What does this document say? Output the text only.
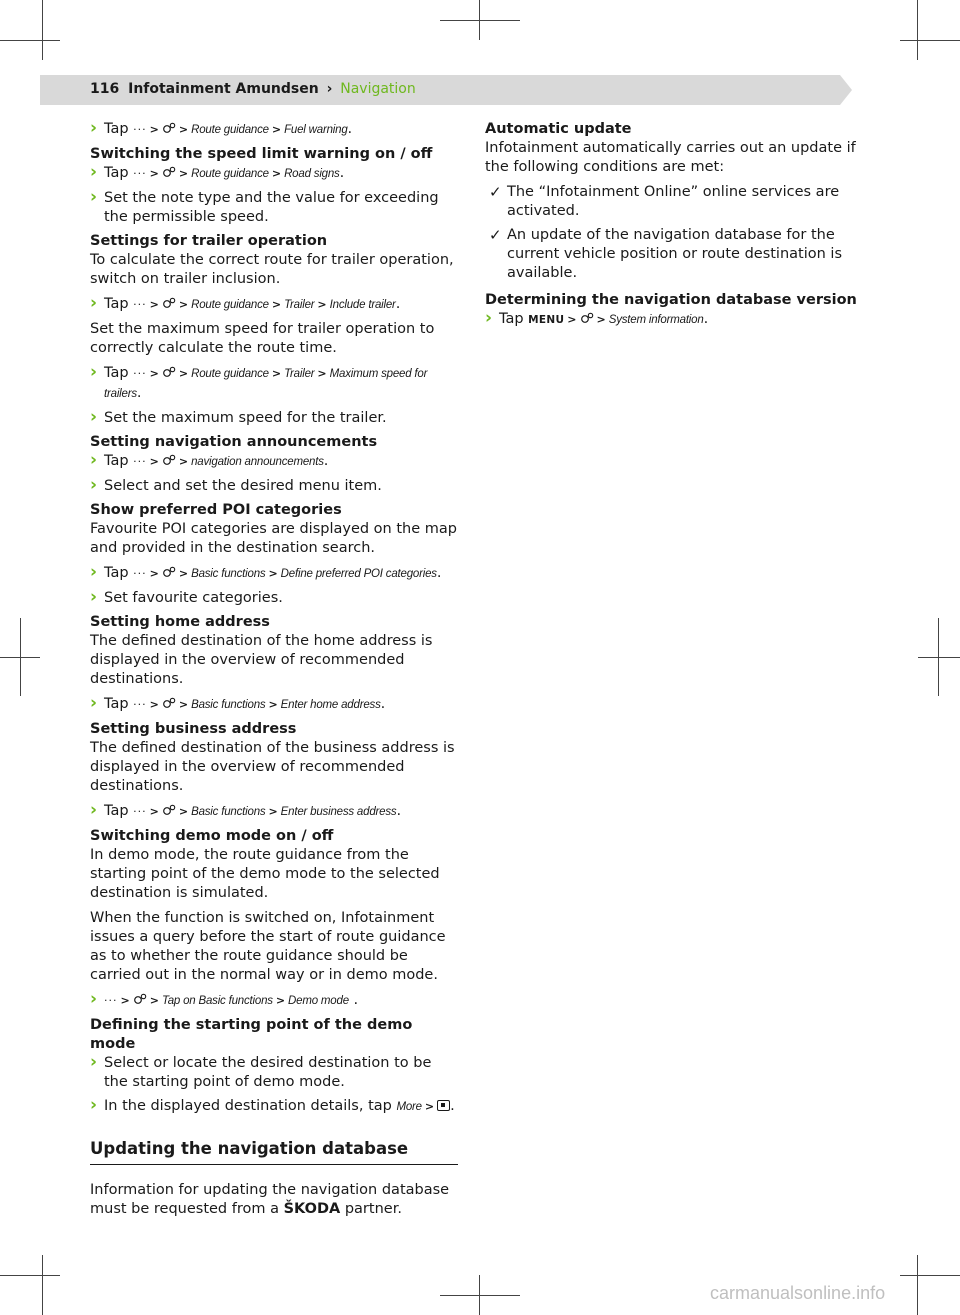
116 Infotainment Amundsen › Navigation
› Tap ··· > > Route guidance > Fuel warning.
Switching the speed limit warning on / off
› Tap ··· > > Route guidance > Road signs.
› Set the note type and the value for exceeding the permissible speed.
Settings for trailer operation

To calculate the correct route for trailer operation, switch on trailer inclusion.

› Tap ··· > > Route guidance > Trailer > Include trailer.

Set the maximum speed for trailer operation to correctly calculate the route time.

› Tap ··· > > Route guidance > Trailer > Maximum speed for trailers.
› Set the maximum speed for the trailer.
Setting navigation announcements
› Tap ··· > > navigation announcements.
› Select and set the desired menu item.
Show preferred POI categories

Favourite POI categories are displayed on the map and provided in the destination search.

› Tap ··· > > Basic functions > Define preferred POI categories.
› Set favourite categories.
Setting home address

The defined destination of the home address is displayed in the overview of recommended destinations.

› Tap ··· > > Basic functions > Enter home address.
Setting business address

The defined destination of the business address is displayed in the overview of recommended destinations.

› Tap ··· > > Basic functions > Enter business address.
Switching demo mode on / off

In demo mode, the route guidance from the starting point of the demo mode to the selected destination is simulated.

When the function is switched on, Infotainment issues a query before the start of route guidance as to whether the route guidance should be carried out in the normal way or in demo mode.

› ··· > > Tap on Basic functions > Demo mode .
Defining the starting point of the demo mode
› Select or locate the desired destination to be the starting point of demo mode.
› In the displayed destination details, tap More > .
Updating the navigation database

Information for updating the navigation database must be requested from a ŠKODA partner.

Automatic update

Infotainment automatically carries out an update if the following conditions are met:

✓ The “Infotainment Online” online services are activated.
✓ An update of the navigation database for the current vehicle position or route destination is available.
Determining the navigation database version
› Tap MENU > > System information.
carmanualsonline.info
